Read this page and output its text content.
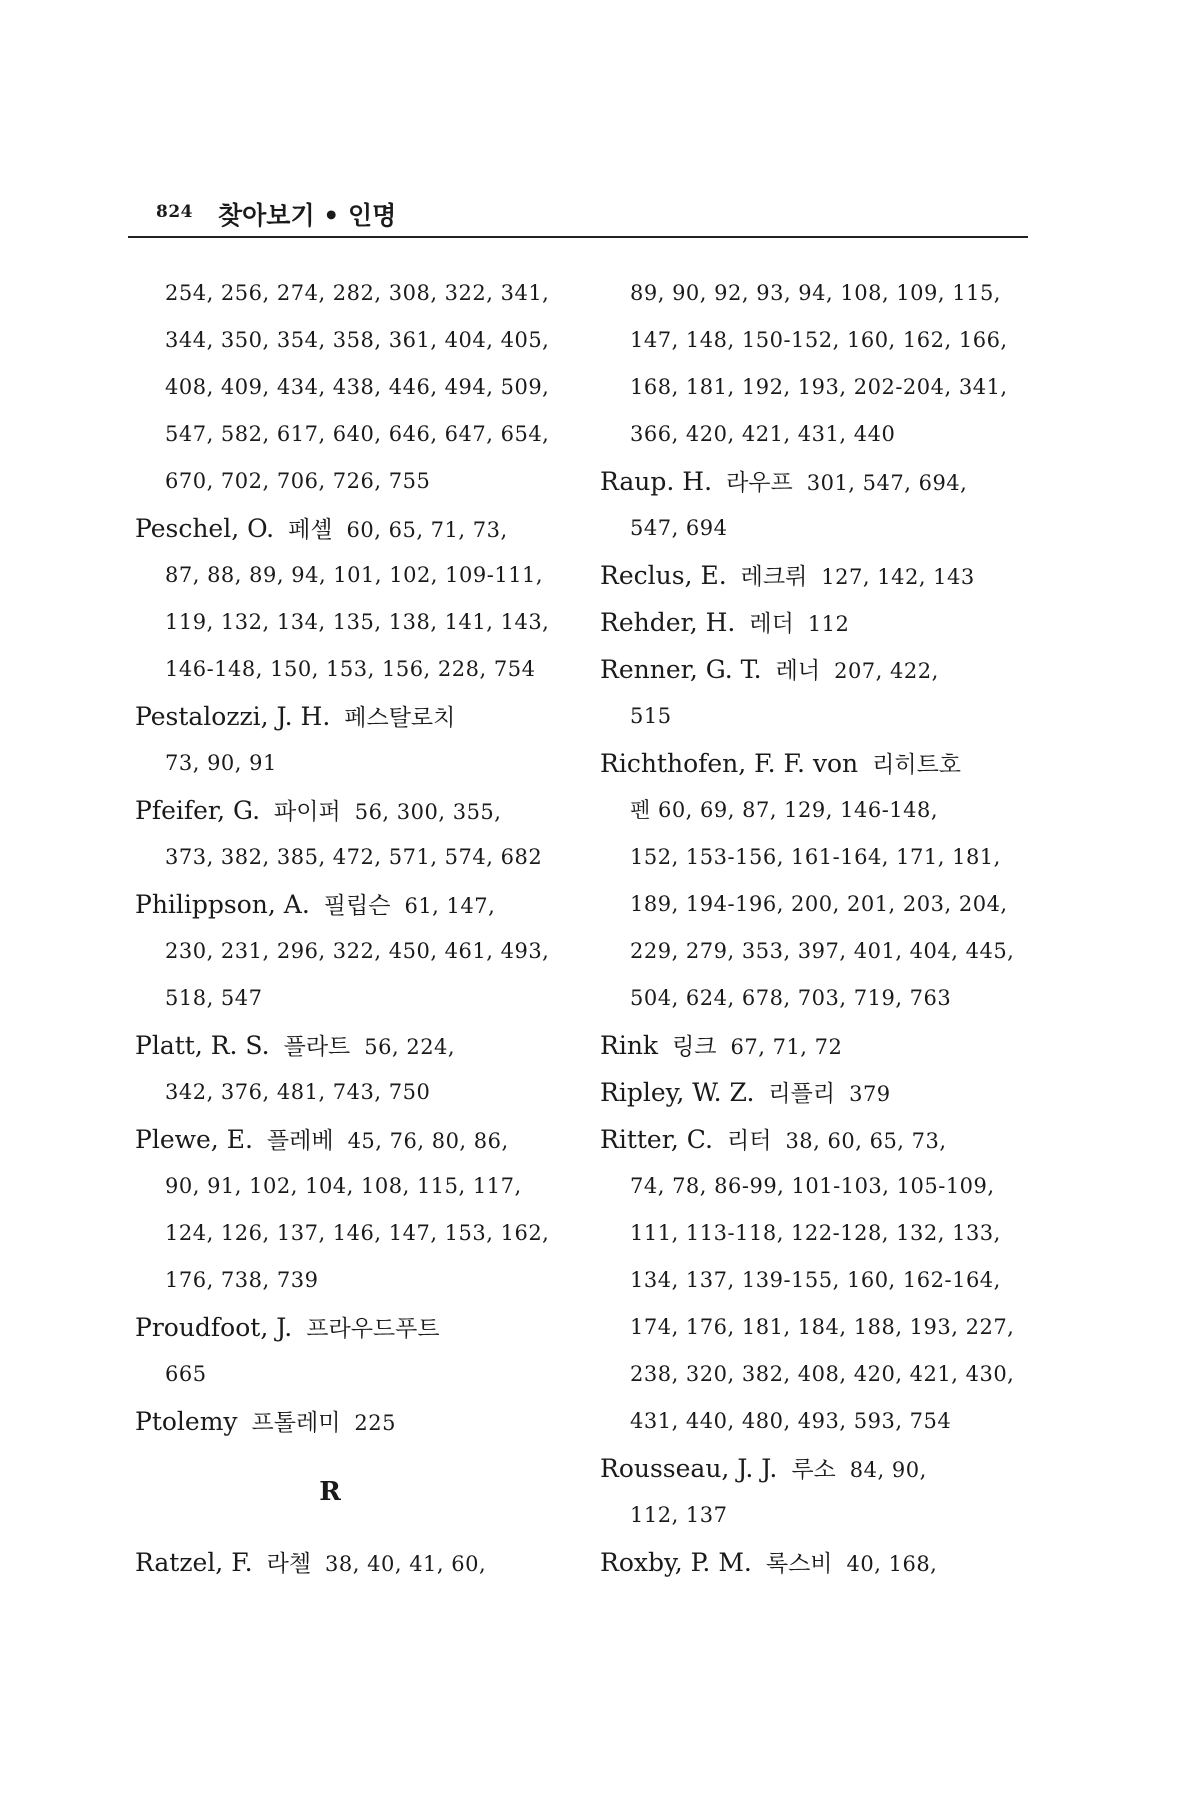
824 찾아보기 • 인명
254, 256, 274, 282, 308, 322, 341,
344, 350, 354, 358, 361, 404, 405,
408, 409, 434, 438, 446, 494, 509,
547, 582, 617, 640, 646, 647, 654,
670, 702, 706, 726, 755
Peschel, O. 페셸 60, 65, 71, 73,
87, 88, 89, 94, 101, 102, 109-111,
119, 132, 134, 135, 138, 141, 143,
146-148, 150, 153, 156, 228, 754
Pestalozzi, J. H. 페스탈로치
73, 90, 91
Pfeifer, G. 파이퍼 56, 300, 355,
373, 382, 385, 472, 571, 574, 682
Philippson, A. 필립슨 61, 147,
230, 231, 296, 322, 450, 461, 493,
518, 547
Platt, R. S. 플라트 56, 224,
342, 376, 481, 743, 750
Plewe, E. 플레베 45, 76, 80, 86,
90, 91, 102, 104, 108, 115, 117,
124, 126, 137, 146, 147, 153, 162,
176, 738, 739
Proudfoot, J. 프라우드푸트
665
Ptolemy 프톨레미 225
R
Ratzel, F. 라첼 38, 40, 41, 60,
89, 90, 92, 93, 94, 108, 109, 115,
147, 148, 150-152, 160, 162, 166,
168, 181, 192, 193, 202-204, 341,
366, 420, 421, 431, 440
Raup. H. 라우프 301, 547, 694,
547, 694
Reclus, E. 레크뤼 127, 142, 143
Rehder, H. 레더 112
Renner, G. T. 레너 207, 422,
515
Richthofen, F. F. von 리히트호
펜 60, 69, 87, 129, 146-148,
152, 153-156, 161-164, 171, 181,
189, 194-196, 200, 201, 203, 204,
229, 279, 353, 397, 401, 404, 445,
504, 624, 678, 703, 719, 763
Rink 링크 67, 71, 72
Ripley, W. Z. 리플리 379
Ritter, C. 리터 38, 60, 65, 73,
74, 78, 86-99, 101-103, 105-109,
111, 113-118, 122-128, 132, 133,
134, 137, 139-155, 160, 162-164,
174, 176, 181, 184, 188, 193, 227,
238, 320, 382, 408, 420, 421, 430,
431, 440, 480, 493, 593, 754
Rousseau, J. J. 루소 84, 90,
112, 137
Roxby, P. M. 록스비 40, 168,
